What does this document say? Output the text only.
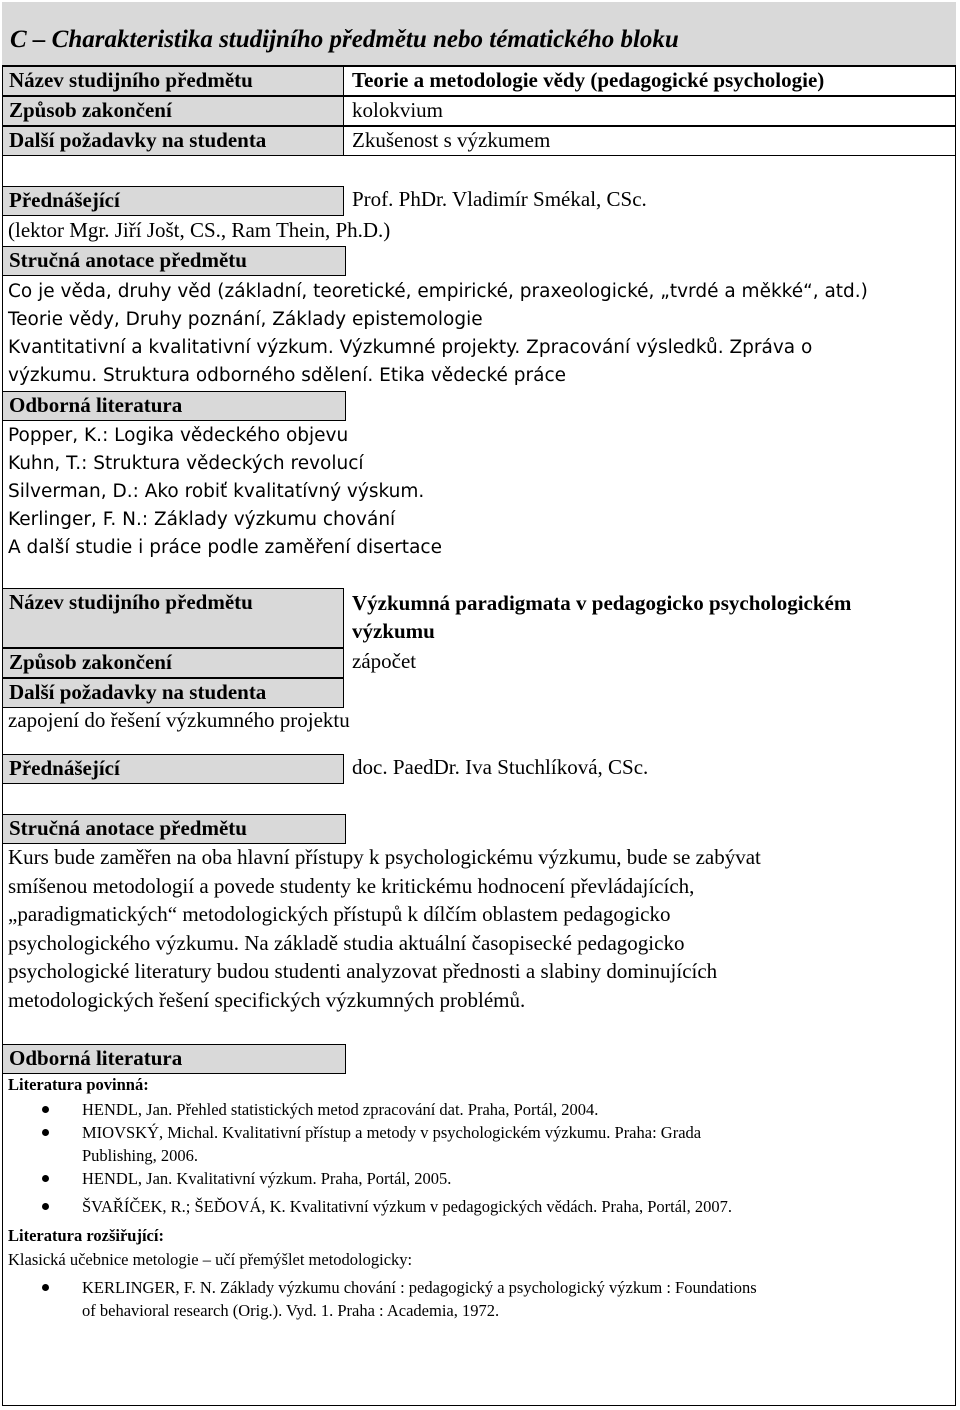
C – Charakteristika studijního předmětu nebo tématického bloku
Název studijního předmětu	Teorie a metodologie vědy (pedagogické psychologie)
Způsob zakončení	kolokvium
Další požadavky na studenta	Zkušenost s výzkumem
Přednášející	Prof. PhDr. Vladimír Smékal, CSc.
(lektor Mgr. Jiří Jošt, CS., Ram Thein, Ph.D.)
Stručná anotace předmětu
Co je věda, druhy věd (základní, teoretické, empirické, praxeologické, „tvrdé a měkké“, atd.)
Teorie vědy, Druhy poznání, Základy epistemologie
Kvantitativní a kvalitativní výzkum. Výzkumné projekty. Zpracování výsledků. Zpráva o
výzkumu. Struktura odborného sdělení. Etika vědecké práce
Odborná literatura
Popper, K.: Logika vědeckého objevu
Kuhn, T.: Struktura vědeckých revolucí
Silverman, D.: Ako robiť kvalitatívný výskum.
Kerlinger, F. N.: Základy výzkumu chování
A další studie i práce podle zaměření disertace
Název studijního předmětu	Výzkumná paradigmata v pedagogicko psychologickém
výzkumu
Způsob zakončení	zápočet
Další požadavky na studenta
zapojení do řešení výzkumného projektu
Přednášející	doc. PaedDr. Iva Stuchlíková, CSc.
Stručná anotace předmětu
Kurs bude zaměřen na oba hlavní přístupy k psychologickému výzkumu, bude se zabývat
smíšenou metodologií a povede studenty ke kritickému hodnocení převládajících,
„paradigmatických“ metodologických přístupů k dílčím oblastem pedagogicko
psychologického výzkumu. Na základě studia aktuální časopisecké pedagogicko
psychologické literatury budou studenti analyzovat přednosti a slabiny dominujících
metodologických řešení specifických výzkumných problémů.
Odborná literatura
Literatura povinná:
HENDL, Jan. Přehled statistických metod zpracování dat. Praha, Portál, 2004.
MIOVSKÝ, Michal. Kvalitativní přístup a metody v psychologickém výzkumu. Praha: Grada
Publishing, 2006.
HENDL, Jan. Kvalitativní výzkum. Praha, Portál, 2005.
ŠVAŘÍČEK, R.; ŠEĎOVÁ, K. Kvalitativní výzkum v pedagogických vědách. Praha, Portál, 2007.
Literatura rozšiřující:
Klasická učebnice metologie – učí přemýšlet metodologicky:
KERLINGER, F. N. Základy výzkumu chování : pedagogický a psychologický výzkum : Foundations
of behavioral research (Orig.). Vyd. 1. Praha : Academia, 1972.
